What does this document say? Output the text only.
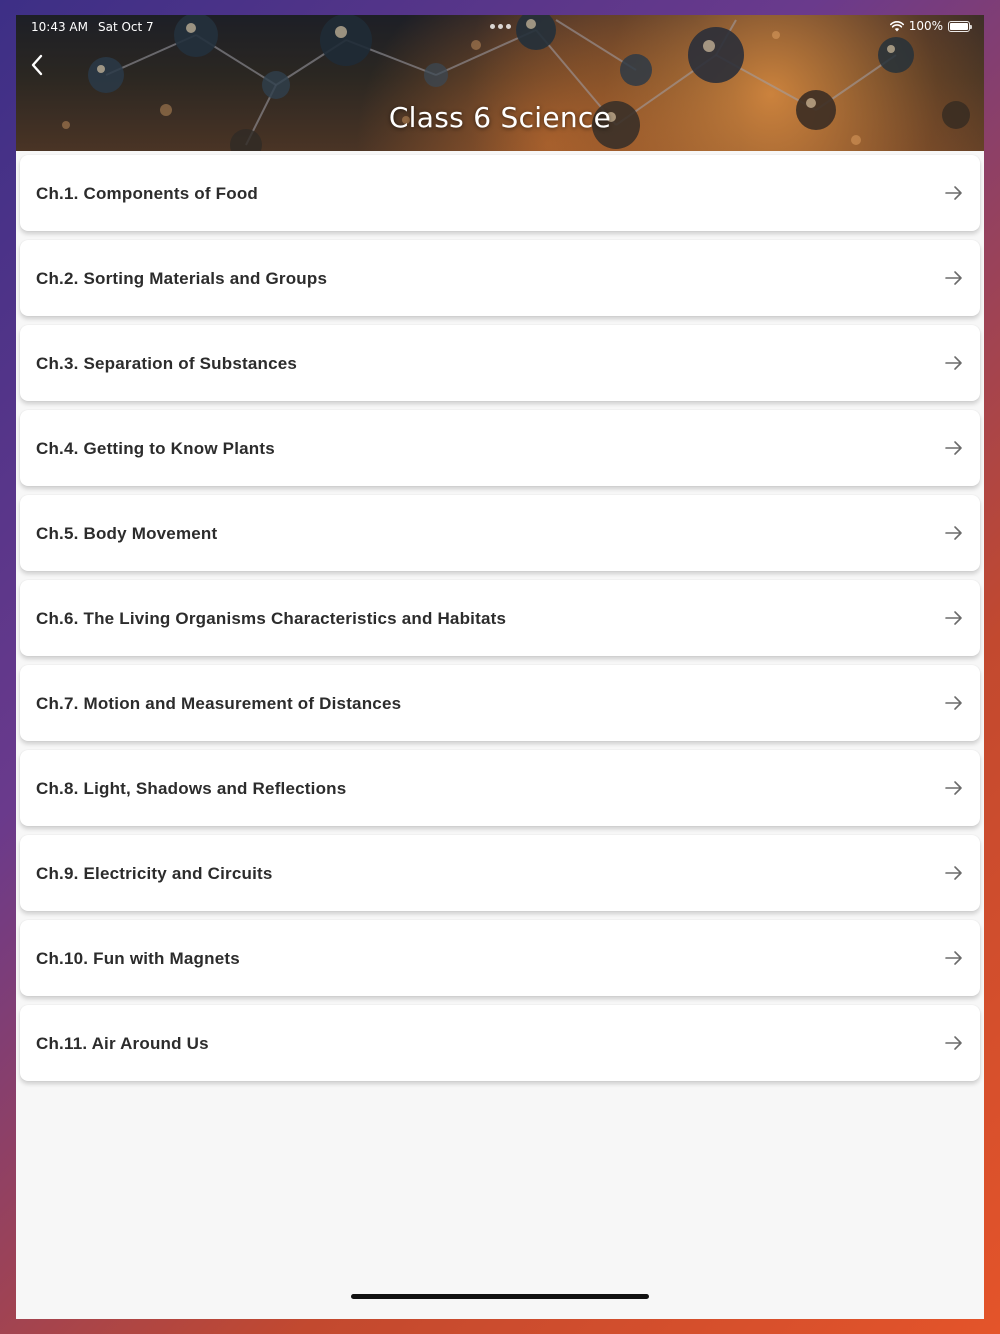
10:43 AM Sat Oct 7	100%
Class 6 Science
Ch.1. Components of Food
Ch.2. Sorting Materials and Groups
Ch.3. Separation of Substances
Ch.4. Getting to Know Plants
Ch.5. Body Movement
Ch.6. The Living Organisms Characteristics and Habitats
Ch.7. Motion and Measurement of Distances
Ch.8. Light, Shadows and Reflections
Ch.9. Electricity and Circuits
Ch.10. Fun with Magnets
Ch.11. Air Around Us
